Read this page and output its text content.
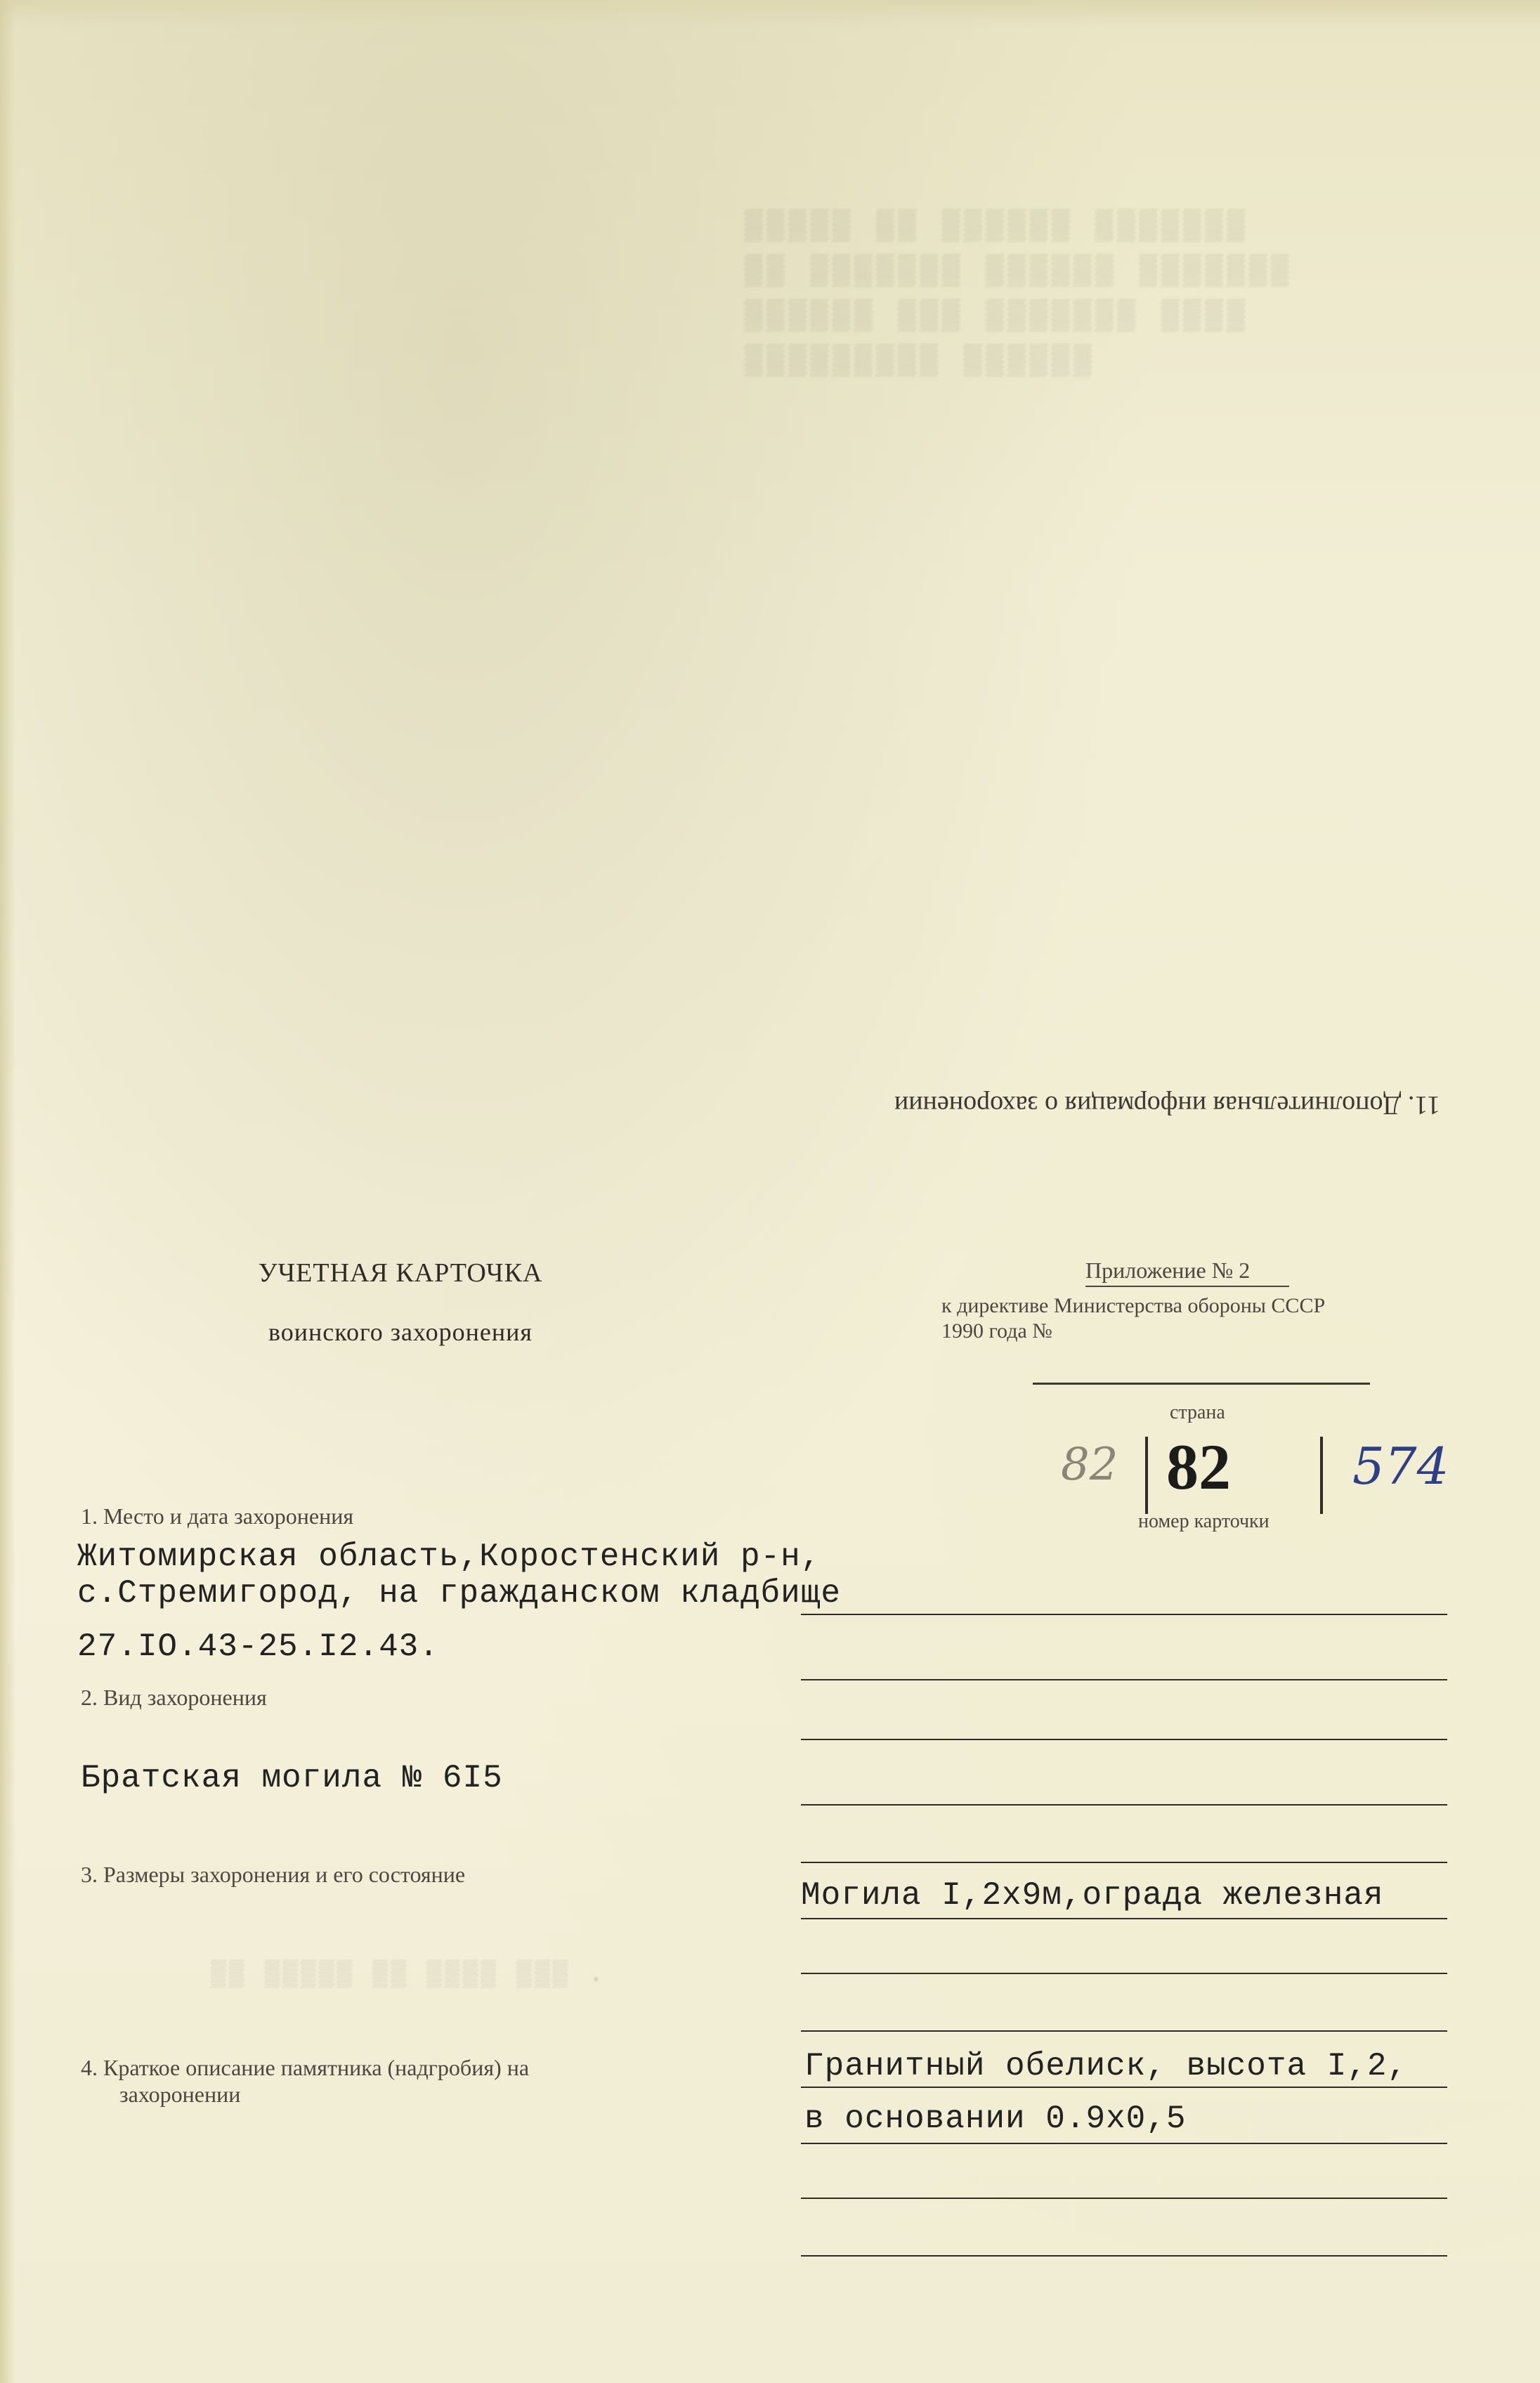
▒▒▒▒▒ ▒▒ ▒▒▒▒▒▒ ▒▒▒▒▒▒▒
▒▒ ▒▒▒▒▒▒▒ ▒▒▒▒▒▒ ▒▒▒▒▒▒▒
▒▒▒▒▒▒ ▒▒▒ ▒▒▒▒▒▒▒ ▒▒▒▒
▒▒▒▒▒▒▒▒▒ ▒▒▒▒▒▒
11. Дополнительная информация о захоронении
УЧЕТНАЯ КАРТОЧКА
воинского захоронения
Приложение № 2
к директиве Министерства обороны СССР
1990 года №
страна
82 82 574
номер карточки
1. Место и дата захоронения
Житомирская область,Коростенский р-н,
с.Стремигород, на гражданском кладбище
27.IO.43-25.I2.43.
2. Вид захоронения
Братская могила № 6I5
3. Размеры захоронения и его состояние
Могила I,2х9м,ограда железная
▒▒ ▒▒▒▒▒ ▒▒ ▒▒▒▒ ▒▒▒ .
4. Краткое описание памятника (надгробия) на
захоронении
Гранитный обелиск, высота I,2,
в основании 0.9х0,5
